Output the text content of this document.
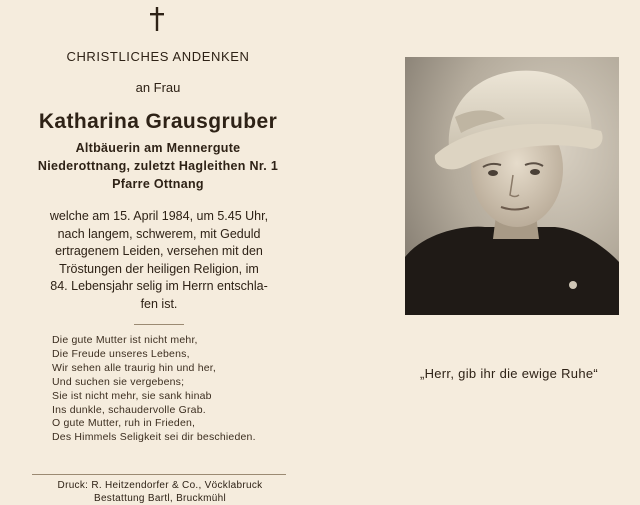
CHRISTLICHES ANDENKEN
an Frau
Katharina Grausgruber
Altbäuerin am Mennergute
Niederottnang, zuletzt Hagleithen Nr. 1
Pfarre Ottnang
welche am 15. April 1984, um 5.45 Uhr,
nach langem, schwerem, mit Geduld
ertragenem Leiden, versehen mit den
Tröstungen der heiligen Religion, im
84. Lebensjahr selig im Herrn entschla-
fen ist.
Die gute Mutter ist nicht mehr,
Die Freude unseres Lebens,
Wir sehen alle traurig hin und her,
Und suchen sie vergebens;
Sie ist nicht mehr, sie sank hinab
Ins dunkle, schaudervolle Grab.
O gute Mutter, ruh in Frieden,
Des Himmels Seligkeit sei dir beschieden.
Druck: R. Heitzendorfer & Co., Vöcklabruck
Bestattung Bartl, Bruckmühl
„Herr, gib ihr die ewige Ruhe“
